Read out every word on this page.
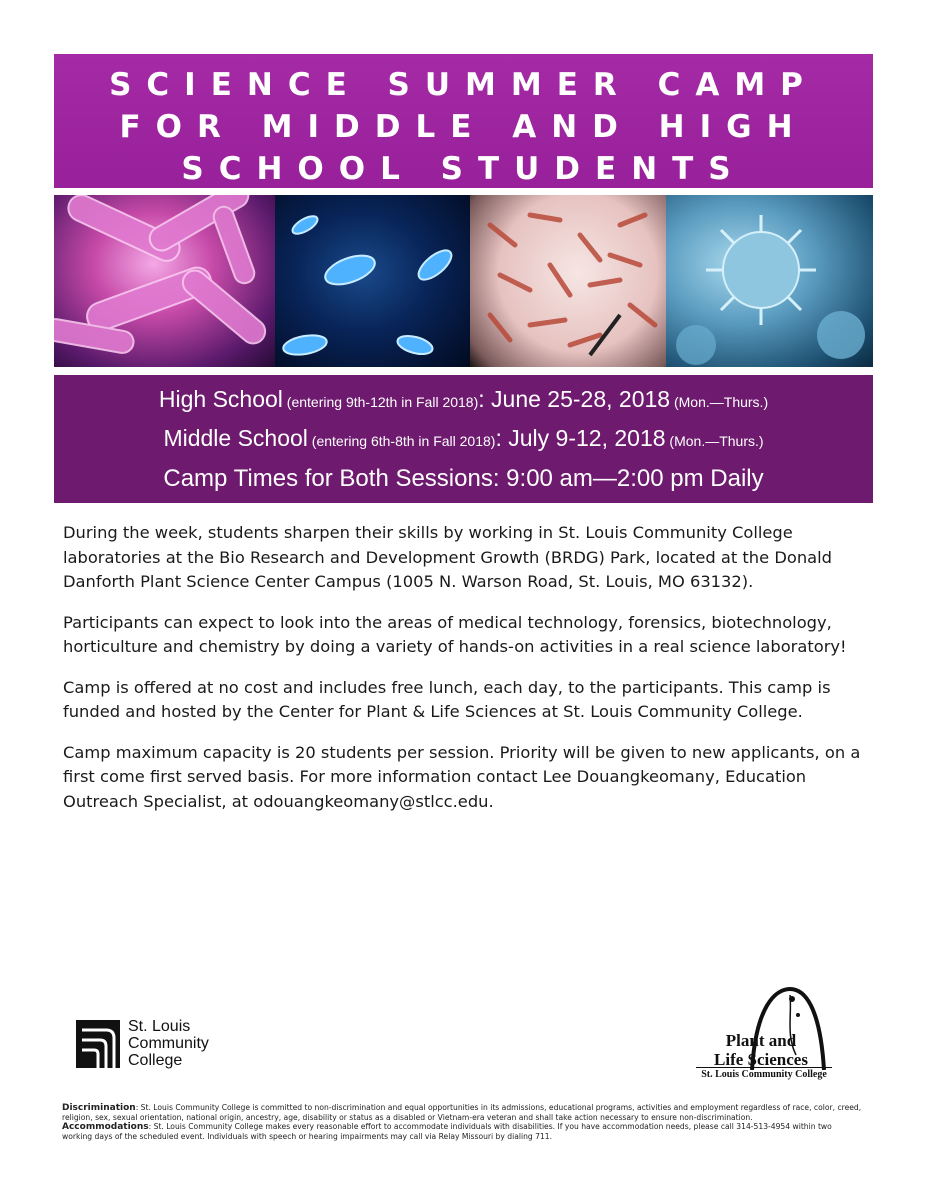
SCIENCE SUMMER CAMP
FOR MIDDLE AND HIGH
SCHOOL STUDENTS
High School (entering 9th-12th in Fall 2018): June 25-28, 2018 (Mon.—Thurs.)
Middle School (entering 6th-8th in Fall 2018): July 9-12, 2018 (Mon.—Thurs.)
Camp Times for Both Sessions: 9:00 am—2:00 pm Daily

During the week, students sharpen their skills by working in St. Louis Community College laboratories at the Bio Research and Development Growth (BRDG) Park, located at the Donald Danforth Plant Science Center Campus (1005 N. Warson Road, St. Louis, MO 63132).

Participants can expect to look into the areas of medical technology, forensics, biotechnology, horticulture and chemistry by doing a variety of hands-on activities in a real science laboratory!

Camp is offered at no cost and includes free lunch, each day, to the participants. This camp is funded and hosted by the Center for Plant & Life Sciences at St. Louis Community College.

Camp maximum capacity is 20 students per session. Priority will be given to new applicants, on a first come first served basis. For more information contact Lee Douangkeomany, Education Outreach Specialist, at odouangkeomany@stlcc.edu.

St. Louis
Community
College
Plant and
Life Sciences
St. Louis Community College
Discrimination: St. Louis Community College is committed to non-discrimination and equal opportunities in its admissions, educational programs, activities and employment regardless of race, color, creed, religion, sex, sexual orientation, national origin, ancestry, age, disability or status as a disabled or Vietnam-era veteran and shall take action necessary to ensure non-discrimination.
Accommodations: St. Louis Community College makes every reasonable effort to accommodate individuals with disabilities. If you have accommodation needs, please call 314-513-4954 within two working days of the scheduled event. Individuals with speech or hearing impairments may call via Relay Missouri by dialing 711.
